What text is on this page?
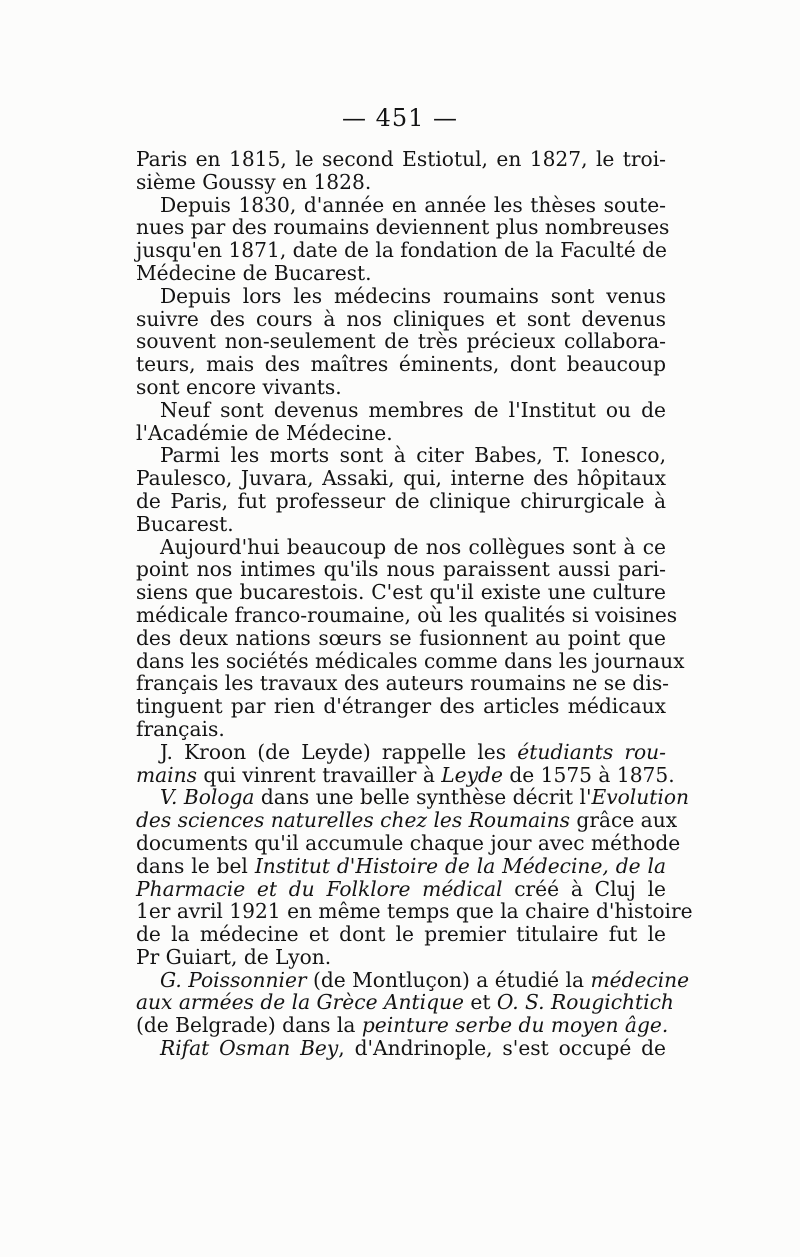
— 451 —
Paris en 1815, le second Estiotul, en 1827, le troi-
sième Goussy en 1828.
Depuis 1830, d'année en année les thèses soute-
nues par des roumains deviennent plus nombreuses
jusqu'en 1871, date de la fondation de la Faculté de
Médecine de Bucarest.
Depuis lors les médecins roumains sont venus
suivre des cours à nos cliniques et sont devenus
souvent non-seulement de très précieux collabora-
teurs, mais des maîtres éminents, dont beaucoup
sont encore vivants.
Neuf sont devenus membres de l'Institut ou de
l'Académie de Médecine.
Parmi les morts sont à citer Babes, T. Ionesco,
Paulesco, Juvara, Assaki, qui, interne des hôpitaux
de Paris, fut professeur de clinique chirurgicale à
Bucarest.
Aujourd'hui beaucoup de nos collègues sont à ce
point nos intimes qu'ils nous paraissent aussi pari-
siens que bucarestois. C'est qu'il existe une culture
médicale franco-roumaine, où les qualités si voisines
des deux nations sœurs se fusionnent au point que
dans les sociétés médicales comme dans les journaux
français les travaux des auteurs roumains ne se dis-
tinguent par rien d'étranger des articles médicaux
français.
J. Kroon (de Leyde) rappelle les étudiants rou-
mains qui vinrent travailler à Leyde de 1575 à 1875.
V. Bologa dans une belle synthèse décrit l'Evolution
des sciences naturelles chez les Roumains grâce aux
documents qu'il accumule chaque jour avec méthode
dans le bel Institut d'Histoire de la Médecine, de la
Pharmacie et du Folklore médical créé à Cluj le
1er avril 1921 en même temps que la chaire d'histoire
de la médecine et dont le premier titulaire fut le
Pr Guiart, de Lyon.
G. Poissonnier (de Montluçon) a étudié la médecine
aux armées de la Grèce Antique et O. S. Rougichtich
(de Belgrade) dans la peinture serbe du moyen âge.
Rifat Osman Bey, d'Andrinople, s'est occupé de
